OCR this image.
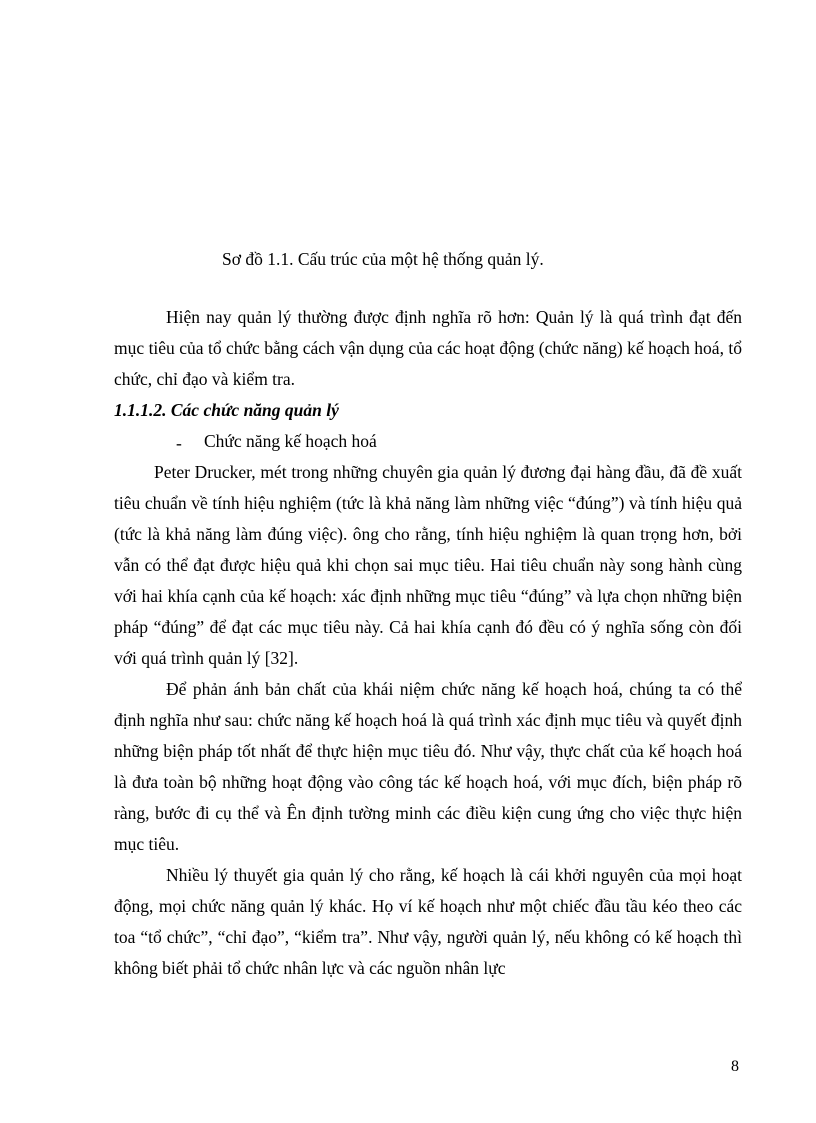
Sơ đồ 1.1. Cấu trúc của một hệ thống quản lý.

Hiện nay quản lý thường được định nghĩa rõ hơn: Quản lý là quá trình đạt đến mục tiêu của tổ chức bằng cách vận dụng của các hoạt động (chức năng) kế hoạch hoá, tổ chức, chỉ đạo và kiểm tra.

1.1.1.2. Các chức năng quản lý

Chức năng kế hoạch hoá
-

Peter Drucker, mét trong những chuyên gia quản lý đương đại hàng đầu, đã đề xuất tiêu chuẩn về tính hiệu nghiệm (tức là khả năng làm những việc “đúng”) và tính hiệu quả (tức là khả năng làm đúng việc). ông cho rằng, tính hiệu nghiệm là quan trọng hơn, bởi vẫn có thể đạt được hiệu quả khi chọn sai mục tiêu. Hai tiêu chuẩn này song hành cùng với hai khía cạnh của kế hoạch: xác định những mục tiêu “đúng” và lựa chọn những biện pháp “đúng” để đạt các mục tiêu này. Cả hai khía cạnh đó đều có ý nghĩa sống còn đối với quá trình quản lý [32].

Để phản ánh bản chất của khái niệm chức năng kế hoạch hoá, chúng ta có thể định nghĩa như sau: chức năng kế hoạch hoá là quá trình xác định mục tiêu và quyết định những biện pháp tốt nhất để thực hiện mục tiêu đó. Như vậy, thực chất của kế hoạch hoá là đưa toàn bộ những hoạt động vào công tác kế hoạch hoá, với mục đích, biện pháp rõ ràng, bước đi cụ thể và Ên định tường minh các điều kiện cung ứng cho việc thực hiện mục tiêu.

Nhiều lý thuyết gia quản lý cho rằng, kế hoạch là cái khởi nguyên của mọi hoạt động, mọi chức năng quản lý khác. Họ ví kế hoạch như một chiếc đầu tầu kéo theo các toa “tổ chức”, “chỉ đạo”, “kiểm tra”. Như vậy, người quản lý, nếu không có kế hoạch thì không biết phải tổ chức nhân lực và các nguồn nhân lực

8
